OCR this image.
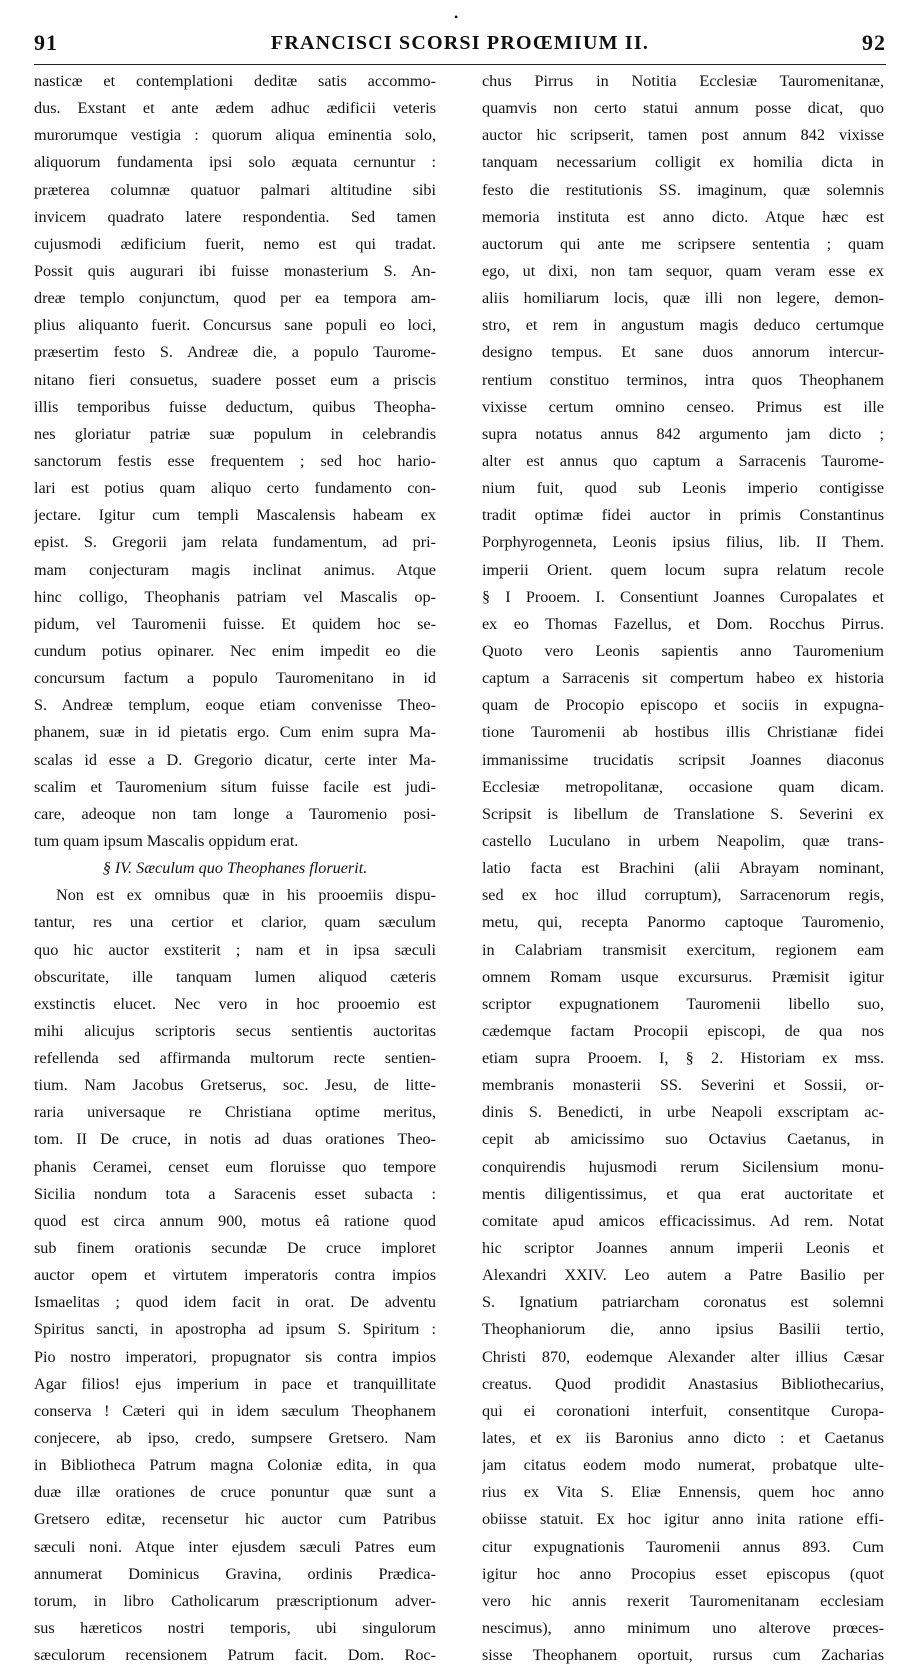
•
91	FRANCISCI SCORSI PROŒMIUM II.	92
nasticæ et contemplationi deditæ satis accommo-
dus. Exstant et ante ædem adhuc ædificii veteris
murorumque vestigia : quorum aliqua eminentia solo,
aliquorum fundamenta ipsi solo æquata cernuntur :
præterea columnæ quatuor palmari altitudine sibi
invicem quadrato latere respondentia. Sed tamen
cujusmodi ædificium fuerit, nemo est qui tradat.
Possit quis augurari ibi fuisse monasterium S. An-
dreæ templo conjunctum, quod per ea tempora am-
plius aliquanto fuerit. Concursus sane populi eo loci,
præsertim festo S. Andreæ die, a populo Taurome-
nitano fieri consuetus, suadere posset eum a priscis
illis temporibus fuisse deductum, quibus Theopha-
nes gloriatur patriæ suæ populum in celebrandis
sanctorum festis esse frequentem ; sed hoc hario-
lari est potius quam aliquo certo fundamento con-
jectare. Igitur cum templi Mascalensis habeam ex
epist. S. Gregorii jam relata fundamentum, ad pri-
mam conjecturam magis inclinat animus. Atque
hinc colligo, Theophanis patriam vel Mascalis op-
pidum, vel Tauromenii fuisse. Et quidem hoc se-
cundum potius opinarer. Nec enim impedit eo die
concursum factum a populo Tauromenitano in id
S. Andreæ templum, eoque etiam convenisse Theo-
phanem, suæ in id pietatis ergo. Cum enim supra Ma-
scalas id esse a D. Gregorio dicatur, certe inter Ma-
scalim et Tauromenium situm fuisse facile est judi-
care, adeoque non tam longe a Tauromenio posi-
tum quam ipsum Mascalis oppidum erat.
§ IV. Sæculum quo Theophanes floruerit.
Non est ex omnibus quæ in his prooemiis dispu-
tantur, res una certior et clarior, quam sæculum
quo hic auctor exstiterit ; nam et in ipsa sæculi
obscuritate, ille tanquam lumen aliquod cæteris
exstinctis elucet. Nec vero in hoc prooemio est
mihi alicujus scriptoris secus sentientis auctoritas
refellenda sed affirmanda multorum recte sentien-
tium. Nam Jacobus Gretserus, soc. Jesu, de litte-
raria universaque re Christiana optime meritus,
tom. II De cruce, in notis ad duas orationes Theo-
phanis Ceramei, censet eum floruisse quo tempore
Sicilia nondum tota a Saracenis esset subacta :
quod est circa annum 900, motus eâ ratione quod
sub finem orationis secundæ De cruce imploret
auctor opem et virtutem imperatoris contra impios
Ismaelitas ; quod idem facit in orat. De adventu
Spiritus sancti, in apostropha ad ipsum S. Spiritum :
Pio nostro imperatori, propugnator sis contra impios
Agar filios! ejus imperium in pace et tranquillitate
conserva ! Cæteri qui in idem sæculum Theophanem
conjecere, ab ipso, credo, sumpsere Gretsero. Nam
in Bibliotheca Patrum magna Coloniæ edita, in qua
duæ illæ orationes de cruce ponuntur quæ sunt a
Gretsero editæ, recensetur hic auctor cum Patribus
sæculi noni. Atque inter ejusdem sæculi Patres eum
annumerat Dominicus Gravina, ordinis Prædica-
torum, in libro Catholicarum præscriptionum adver-
sus hæreticos nostri temporis, ubi singulorum
sæculorum recensionem Patrum facit. Dom. Roc-
chus Pirrus in Notitia Ecclesiæ Tauromenitanæ,
quamvis non certo statui annum posse dicat, quo
auctor hic scripserit, tamen post annum 842 vixisse
tanquam necessarium colligit ex homilia dicta in
festo die restitutionis SS. imaginum, quæ solemnis
memoria instituta est anno dicto. Atque hæc est
auctorum qui ante me scripsere sententia ; quam
ego, ut dixi, non tam sequor, quam veram esse ex
aliis homiliarum locis, quæ illi non legere, demon-
stro, et rem in angustum magis deduco certumque
designo tempus. Et sane duos annorum intercur-
rentium constituo terminos, intra quos Theophanem
vixisse certum omnino censeo. Primus est ille
supra notatus annus 842 argumento jam dicto ;
alter est annus quo captum a Sarracenis Taurome-
nium fuit, quod sub Leonis imperio contigisse
tradit optimæ fidei auctor in primis Constantinus
Porphyrogenneta, Leonis ipsius filius, lib. II Them.
imperii Orient. quem locum supra relatum recole
§ I Prooem. I. Consentiunt Joannes Curopalates et
ex eo Thomas Fazellus, et Dom. Rocchus Pirrus.
Quoto vero Leonis sapientis anno Tauromenium
captum a Sarracenis sit compertum habeo ex historia
quam de Procopio episcopo et sociis in expugna-
tione Tauromenii ab hostibus illis Christianæ fidei
immanissime trucidatis scripsit Joannes diaconus
Ecclesiæ metropolitanæ, occasione quam dicam.
Scripsit is libellum de Translatione S. Severini ex
castello Luculano in urbem Neapolim, quæ trans-
latio facta est Brachini (alii Abrayam nominant,
sed ex hoc illud corruptum), Sarracenorum regis,
metu, qui, recepta Panormo captoque Tauromenio,
in Calabriam transmisit exercitum, regionem eam
omnem Romam usque excursurus. Præmisit igitur
scriptor expugnationem Tauromenii libello suo,
cædemque factam Procopii episcopi, de qua nos
etiam supra Prooem. I, § 2. Historiam ex mss.
membranis monasterii SS. Severini et Sossii, or-
dinis S. Benedicti, in urbe Neapoli exscriptam ac-
cepit ab amicissimo suo Octavius Caetanus, in
conquirendis hujusmodi rerum Sicilensium monu-
mentis diligentissimus, et qua erat auctoritate et
comitate apud amicos efficacissimus. Ad rem. Notat
hic scriptor Joannes annum imperii Leonis et
Alexandri XXIV. Leo autem a Patre Basilio per
S. Ignatium patriarcham coronatus est solemni
Theophaniorum die, anno ipsius Basilii tertio,
Christi 870, eodemque Alexander alter illius Cæsar
creatus. Quod prodidit Anastasius Bibliothecarius,
qui ei coronationi interfuit, consentitque Curopa-
lates, et ex iis Baronius anno dicto : et Caetanus
jam citatus eodem modo numerat, probatque ulte-
rius ex Vita S. Eliæ Ennensis, quem hoc anno
obiisse statuit. Ex hoc igitur anno inita ratione effi-
citur expugnationis Tauromenii annus 893. Cum
igitur hoc anno Procopius esset episcopus (quot
vero hic annis rexerit Tauromenitanam ecclesiam
nescimus), anno minimum uno alterove prœces-
sisse Theophanem oportuit, rursus cum Zacharias
